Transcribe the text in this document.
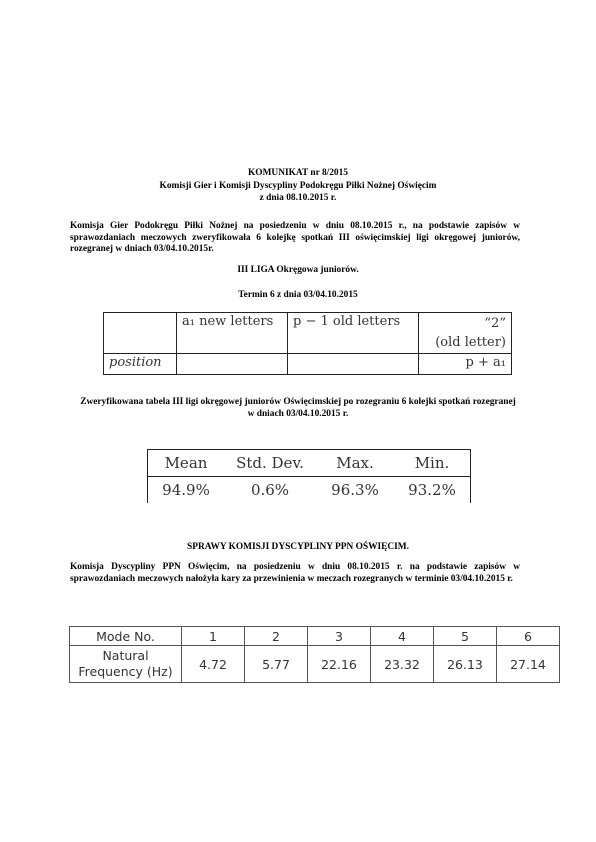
KOMUNIKAT nr 8/2015
Komisji Gier i Komisji Dyscypliny Podokręgu Piłki Nożnej Oświęcim
z dnia 08.10.2015 r.
Komisja Gier Podokręgu Piłki Nożnej na posiedzeniu w dniu 08.10.2015 r., na podstawie zapisów w sprawozdaniach meczowych zweryfikowała 6 kolejkę spotkań III oświęcimskiej ligi okręgowej juniorów, rozegranej w dniach 03/04.10.2015r.
III LIGA Okręgowa juniorów.
Termin 6 z dnia 03/04.10.2015
	a₁ new letters	p − 1 old letters	“2”
(old letter)
position			p + a₁
Zweryfikowana tabela III ligi okręgowej juniorów Oświęcimskiej po rozegraniu 6 kolejki spotkań rozegranej w dniach 03/04.10.2015 r.
Mean	Std. Dev.	Max.	Min.
94.9%	0.6%	96.3%	93.2%
SPRAWY KOMISJI DYSCYPLINY PPN OŚWIĘCIM.
Komisja Dyscypliny PPN Oświęcim, na posiedzeniu w dniu 08.10.2015 r. na podstawie zapisów w sprawozdaniach meczowych nałożyła kary za przewinienia w meczach rozegranych w terminie 03/04.10.2015 r.
Mode No.	1	2	3	4	5	6
Natural
Frequency (Hz)	4.72	5.77	22.16	23.32	26.13	27.14
